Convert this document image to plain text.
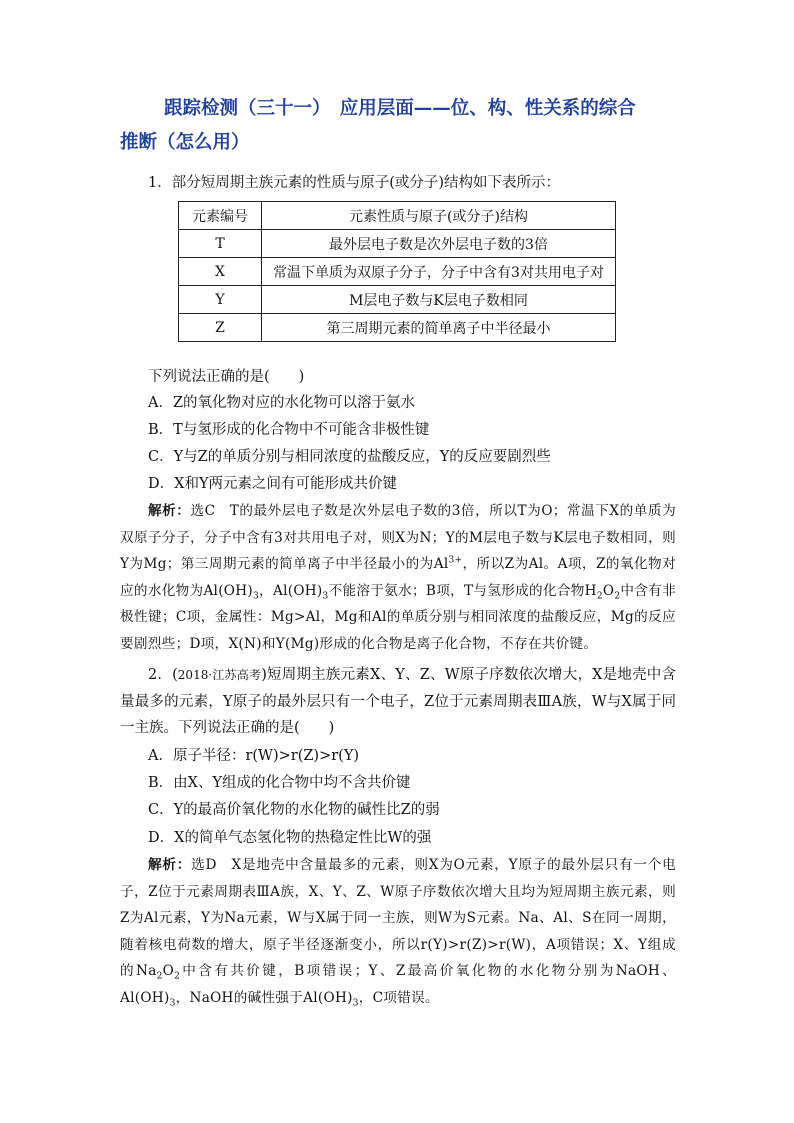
跟踪检测（三十一）　应用层面——位、构、性关系的综合
推断（怎么用）
1．部分短周期主族元素的性质与原子(或分子)结构如下表所示：
元素编号	元素性质与原子(或分子)结构
T	最外层电子数是次外层电子数的3倍
X	常温下单质为双原子分子，分子中含有3对共用电子对
Y	M层电子数与K层电子数相同
Z	第三周期元素的简单离子中半径最小
下列说法正确的是(　　)
A．Z的氧化物对应的水化物可以溶于氨水
B．T与氢形成的化合物中不可能含非极性键
C．Y与Z的单质分别与相同浓度的盐酸反应，Y的反应要剧烈些
D．X和Y两元素之间有可能形成共价键
解析：选C　T的最外层电子数是次外层电子数的3倍，所以T为O；常温下X的单质为双原子分子，分子中含有3对共用电子对，则X为N；Y的M层电子数与K层电子数相同，则Y为Mg；第三周期元素的简单离子中半径最小的为$Al^{3+}$，所以Z为Al。A项，Z的氧化物对应的水化物为$Al(OH)_3$，$Al(OH)_3$不能溶于氨水；B项，T与氢形成的化合物$H_2O_2$中含有非极性键；C项，金属性：Mg>Al，Mg和Al的单质分别与相同浓度的盐酸反应，Mg的反应要剧烈些；D项，X(N)和Y(Mg)形成的化合物是离子化合物，不存在共价键。
2．(2018·江苏高考)短周期主族元素X、Y、Z、W原子序数依次增大，X是地壳中含量最多的元素，Y原子的最外层只有一个电子，Z位于元素周期表ⅢA族，W与X属于同一主族。下列说法正确的是(　　)
A．原子半径：r(W)>r(Z)>r(Y)
B．由X、Y组成的化合物中均不含共价键
C．Y的最高价氧化物的水化物的碱性比Z的弱
D．X的简单气态氢化物的热稳定性比W的强
解析：选D　X是地壳中含量最多的元素，则X为O元素，Y原子的最外层只有一个电子，Z位于元素周期表ⅢA族，X、Y、Z、W原子序数依次增大且均为短周期主族元素，则Z为Al元素，Y为Na元素，W与X属于同一主族，则W为S元素。Na、Al、S在同一周期，随着核电荷数的增大，原子半径逐渐变小，所以r(Y)>r(Z)>r(W)，A项错误；X、Y组成的$Na_2O_2$中含有共价键，B项错误；Y、Z最高价氧化物的水化物分别为NaOH、$Al(OH)_3$，NaOH的碱性强于$Al(OH)_3$，C项错误。
